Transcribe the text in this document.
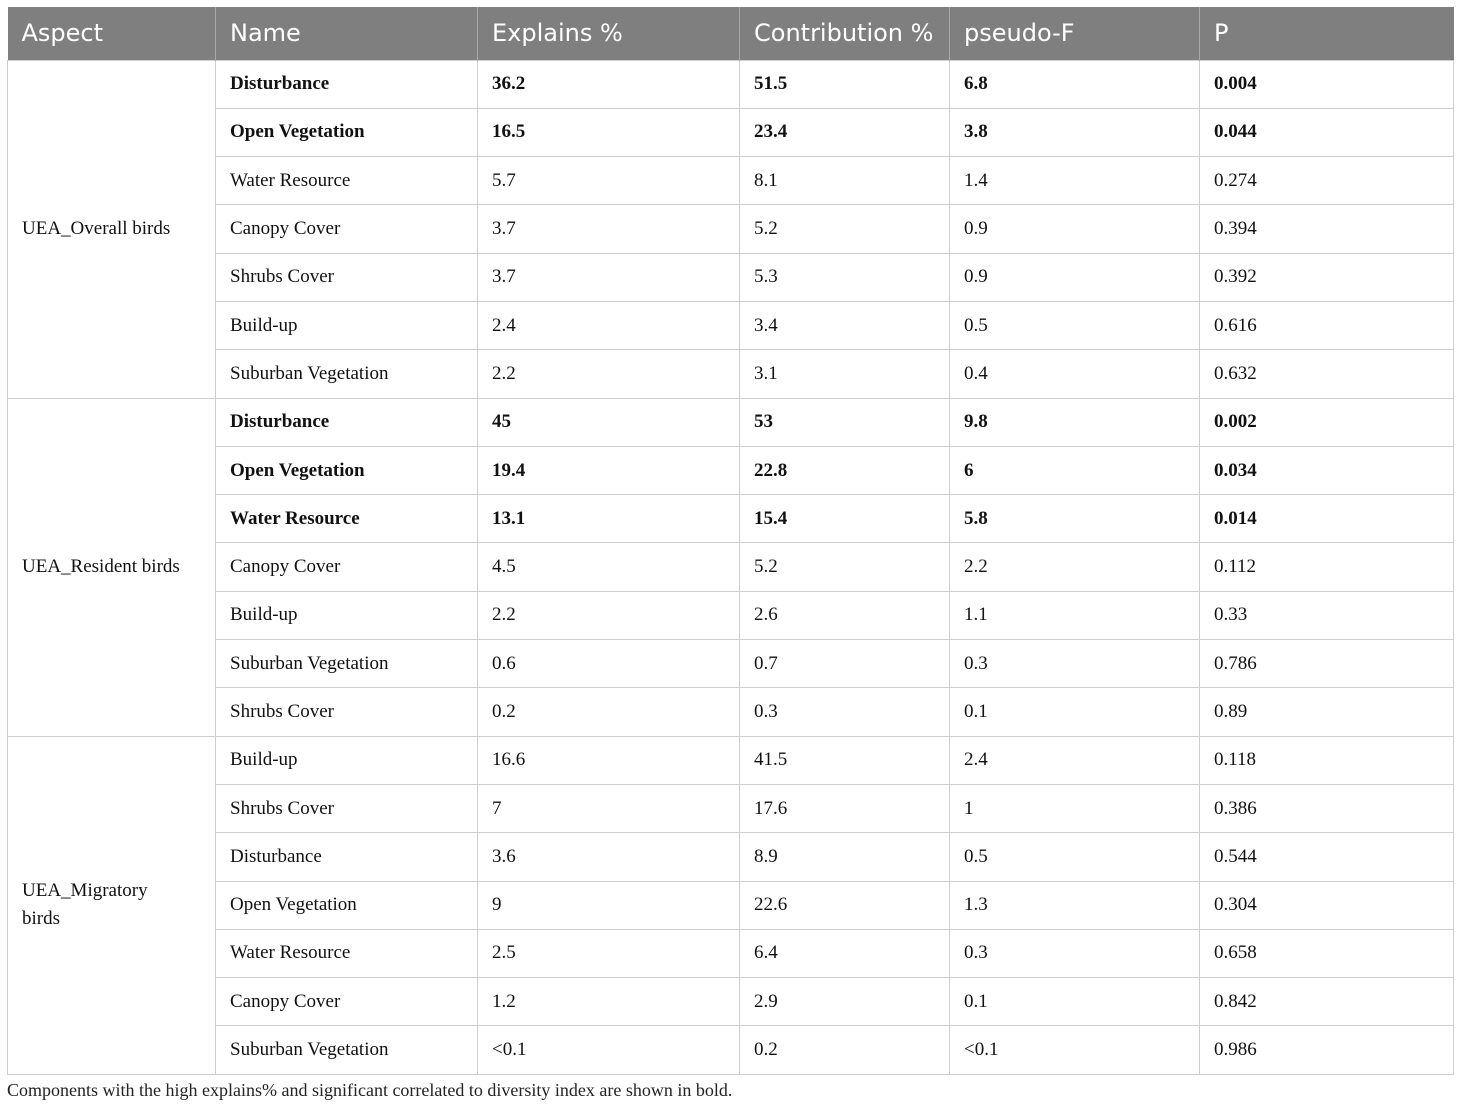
Aspect	Name	Explains %	Contribution %	pseudo-F	P
UEA_Overall birds	Disturbance	36.2	51.5	6.8	0.004
	Open Vegetation	16.5	23.4	3.8	0.044
	Water Resource	5.7	8.1	1.4	0.274
	Canopy Cover	3.7	5.2	0.9	0.394
	Shrubs Cover	3.7	5.3	0.9	0.392
	Build-up	2.4	3.4	0.5	0.616
	Suburban Vegetation	2.2	3.1	0.4	0.632
UEA_Resident birds	Disturbance	45	53	9.8	0.002
	Open Vegetation	19.4	22.8	6	0.034
	Water Resource	13.1	15.4	5.8	0.014
	Canopy Cover	4.5	5.2	2.2	0.112
	Build-up	2.2	2.6	1.1	0.33
	Suburban Vegetation	0.6	0.7	0.3	0.786
	Shrubs Cover	0.2	0.3	0.1	0.89
UEA_Migratory birds	Build-up	16.6	41.5	2.4	0.118
	Shrubs Cover	7	17.6	1	0.386
	Disturbance	3.6	8.9	0.5	0.544
	Open Vegetation	9	22.6	1.3	0.304
	Water Resource	2.5	6.4	0.3	0.658
	Canopy Cover	1.2	2.9	0.1	0.842
	Suburban Vegetation	<0.1	0.2	<0.1	0.986
Components with the high explains% and significant correlated to diversity index are shown in bold.
